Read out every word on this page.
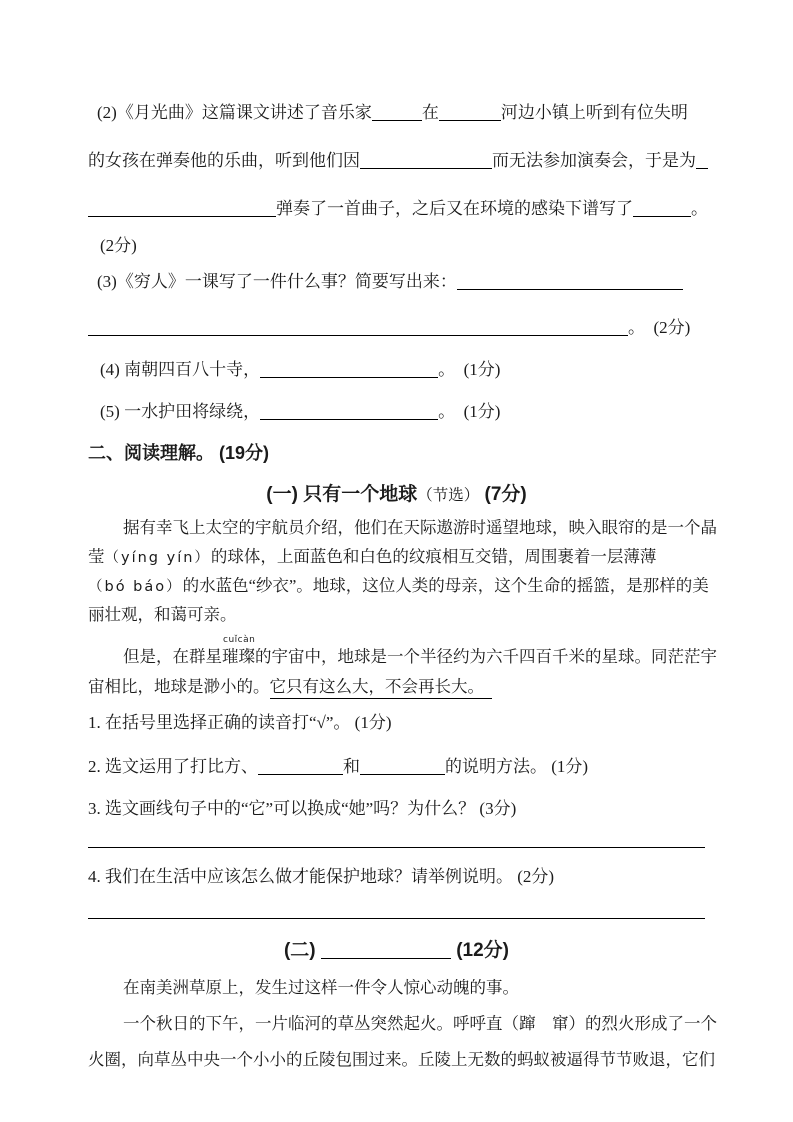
(2)《月光曲》这篇课文讲述了音乐家	在	河边小镇上听到有位失明
的女孩在弹奏他的乐曲，听到他们因	而无法参加演奏会，于是为
弹奏了一首曲子，之后又在环境的感染下谱写了	。
(2分)
(3)《穷人》一课写了一件什么事？简要写出来：
。　(2分)
(4) 南朝四百八十寺，	。　(1分)
(5) 一水护田将绿绕，	。　(1分)
二、阅读理解。 (19分)
(一) 只有一个地球（节选） (7分)
据有幸飞上太空的宇航员介绍，他们在天际遨游时遥望地球，映入眼帘的是一个晶
莹（yíng yín）的球体，上面蓝色和白色的纹痕相互交错，周围裹着一层薄薄
（bó báo）的水蓝色“纱衣”。地球，这位人类的母亲，这个生命的摇篮，是那样的美
丽壮观，和蔼可亲。
但是，在群星
cuǐcàn
璀璨的宇宙中，地球是一个半径约为六千四百千米的星球。同茫茫宇
宙相比，地球是渺小的。它只有这么大，不会再长大。
1. 在括号里选择正确的读音打“√”。 (1分)
2. 选文运用了打比方、	和	的说明方法。 (1分)
3. 选文画线句子中的“它”可以换成“她”吗？为什么？ (3分)
4. 我们在生活中应该怎么做才能保护地球？请举例说明。 (2分)
(二)	(12分)
在南美洲草原上，发生过这样一件令人惊心动魄的事。
一个秋日的下午，一片临河的草丛突然起火。呼呼直（蹿　窜）的烈火形成了一个
火圈，向草丛中央一个小小的丘陵包围过来。丘陵上无数的蚂蚁被逼得节节败退，它们
